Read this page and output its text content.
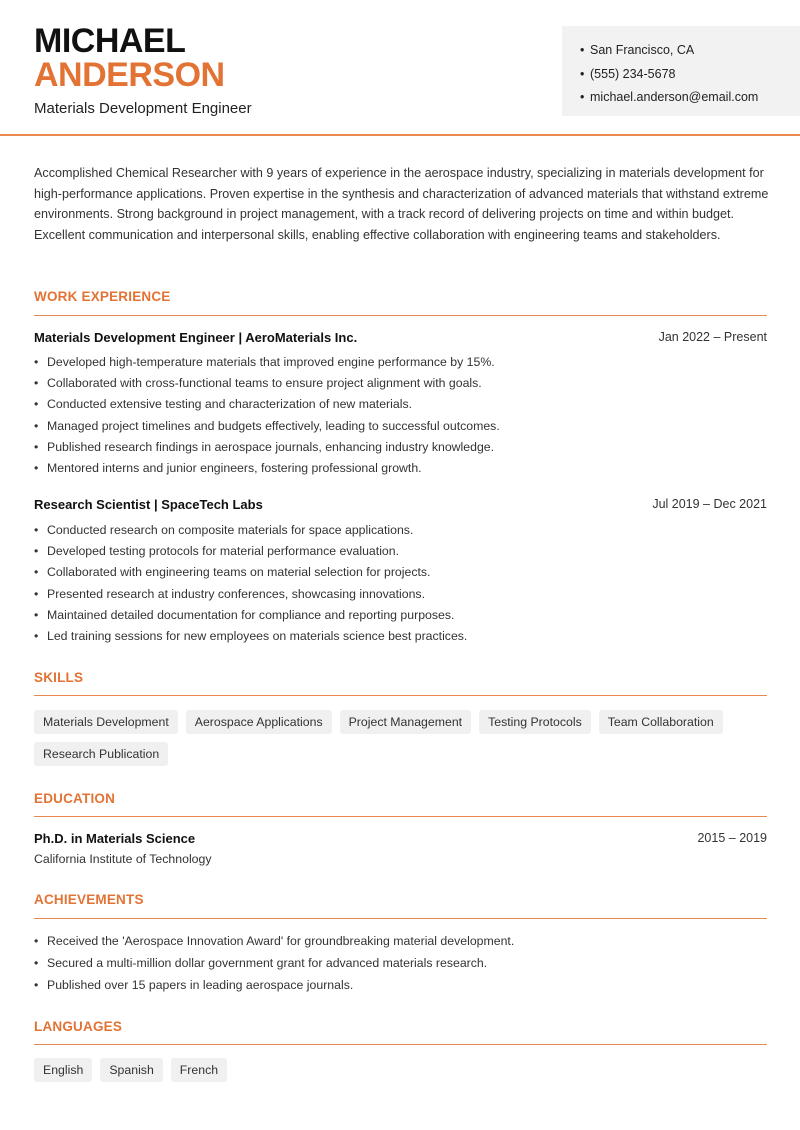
MICHAEL
ANDERSON
Materials Development Engineer
• San Francisco, CA
• (555) 234-5678
• michael.anderson@email.com
Accomplished Chemical Researcher with 9 years of experience in the aerospace industry, specializing in materials development for high-performance applications. Proven expertise in the synthesis and characterization of advanced materials that withstand extreme environments. Strong background in project management, with a track record of delivering projects on time and within budget. Excellent communication and interpersonal skills, enabling effective collaboration with engineering teams and stakeholders.
WORK EXPERIENCE
Materials Development Engineer | AeroMaterials Inc.	Jan 2022 – Present
• Developed high-temperature materials that improved engine performance by 15%.
• Collaborated with cross-functional teams to ensure project alignment with goals.
• Conducted extensive testing and characterization of new materials.
• Managed project timelines and budgets effectively, leading to successful outcomes.
• Published research findings in aerospace journals, enhancing industry knowledge.
• Mentored interns and junior engineers, fostering professional growth.
Research Scientist | SpaceTech Labs	Jul 2019 – Dec 2021
• Conducted research on composite materials for space applications.
• Developed testing protocols for material performance evaluation.
• Collaborated with engineering teams on material selection for projects.
• Presented research at industry conferences, showcasing innovations.
• Maintained detailed documentation for compliance and reporting purposes.
• Led training sessions for new employees on materials science best practices.
SKILLS
Materials Development	Aerospace Applications	Project Management	Testing Protocols	Team Collaboration
Research Publication
EDUCATION
Ph.D. in Materials Science	2015 – 2019
California Institute of Technology
ACHIEVEMENTS
• Received the 'Aerospace Innovation Award' for groundbreaking material development.
• Secured a multi-million dollar government grant for advanced materials research.
• Published over 15 papers in leading aerospace journals.
LANGUAGES
English	Spanish	French
